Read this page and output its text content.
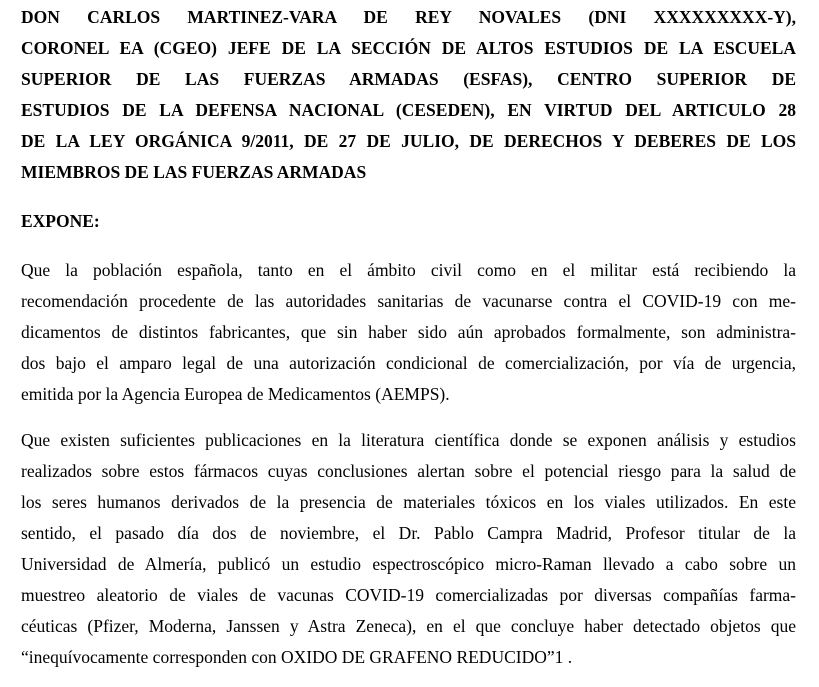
DON CARLOS MARTINEZ-VARA DE REY NOVALES (DNI XXXXXXXXX-Y),
CORONEL EA (CGEO) JEFE DE LA SECCIÓN DE ALTOS ESTUDIOS DE LA ESCUELA
SUPERIOR DE LAS FUERZAS ARMADAS (ESFAS), CENTRO SUPERIOR DE
ESTUDIOS DE LA DEFENSA NACIONAL (CESEDEN), EN VIRTUD DEL ARTICULO 28
DE LA LEY ORGÁNICA 9/2011, DE 27 DE JULIO, DE DERECHOS Y DEBERES DE LOS
MIEMBROS DE LAS FUERZAS ARMADAS
EXPONE:
Que la población española, tanto en el ámbito civil como en el militar está recibiendo la
recomendación procedente de las autoridades sanitarias de vacunarse contra el COVID-19 con me-
dicamentos de distintos fabricantes, que sin haber sido aún aprobados formalmente, son administra-
dos bajo el amparo legal de una autorización condicional de comercialización, por vía de urgencia,
emitida por la Agencia Europea de Medicamentos (AEMPS).
Que existen suficientes publicaciones en la literatura científica donde se exponen análisis y estudios
realizados sobre estos fármacos cuyas conclusiones alertan sobre el potencial riesgo para la salud de
los seres humanos derivados de la presencia de materiales tóxicos en los viales utilizados. En este
sentido, el pasado día dos de noviembre, el Dr. Pablo Campra Madrid, Profesor titular de la
Universidad de Almería, publicó un estudio espectroscópico micro-Raman llevado a cabo sobre un
muestreo aleatorio de viales de vacunas COVID-19 comercializadas por diversas compañías farma-
céuticas (Pfizer, Moderna, Janssen y Astra Zeneca), en el que concluye haber detectado objetos que
“inequívocamente corresponden con OXIDO DE GRAFENO REDUCIDO”1 .
